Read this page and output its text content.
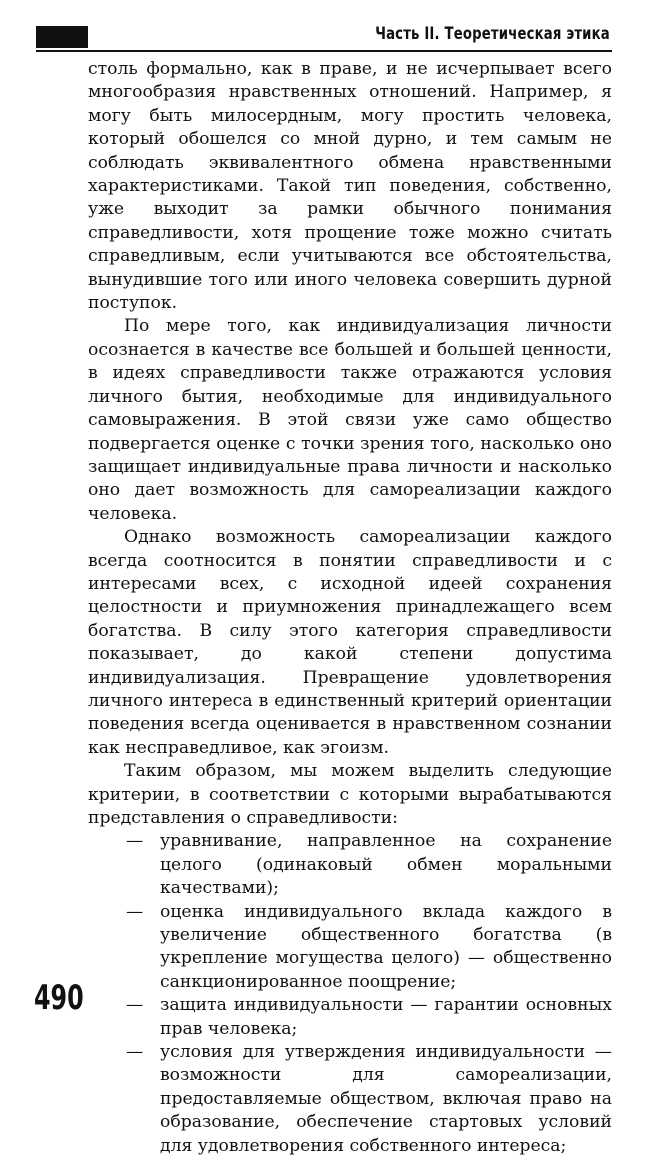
Часть II. Теоретическая этика

столь формально, как в праве, и не исчерпывает всего многообразия нравственных отношений. Например, я могу быть милосердным, могу простить человека, который обошелся со мной дурно, и тем самым не соблюдать эквивалентного обмена нравственными характеристиками. Такой тип поведения, собственно, уже выходит за рамки обычного понимания справедливости, хотя прощение тоже можно считать справедливым, если учитываются все обстоятельства, вынудившие того или иного человека совершить дурной поступок.

По мере того, как индивидуализация личности осознается в качестве все большей и большей ценности, в идеях справедливости также отражаются условия личного бытия, необходимые для индивидуального самовыражения. В этой связи уже само общество подвергается оценке с точки зрения того, насколько оно защищает индивидуальные права личности и насколько оно дает возможность для самореализации каждого человека.

Однако возможность самореализации каждого всегда соотносится в понятии справедливости и с интересами всех, с исходной идеей сохранения целостности и приумножения принадлежащего всем богатства. В силу этого категория справедливости показывает, до какой степени допустима индивидуализация. Превращение удовлетворения личного интереса в единственный критерий ориентации поведения всегда оценивается в нравственном сознании как несправедливое, как эгоизм.

Таким образом, мы можем выделить следующие критерии, в соответствии с которыми вырабатываются представления о справедливости:

— уравнивание, направленное на сохранение целого (одинаковый обмен моральными качествами);
— оценка индивидуального вклада каждого в увеличение общественного богатства (в укрепление могущества целого) — общественно санкционированное поощрение;
— защита индивидуальности — гарантии основных прав человека;
— условия для утверждения индивидуальности — возможности для самореализации, предоставляемые обществом, включая право на образование, обеспечение стартовых условий для удовлетворения собственного интереса;
490
